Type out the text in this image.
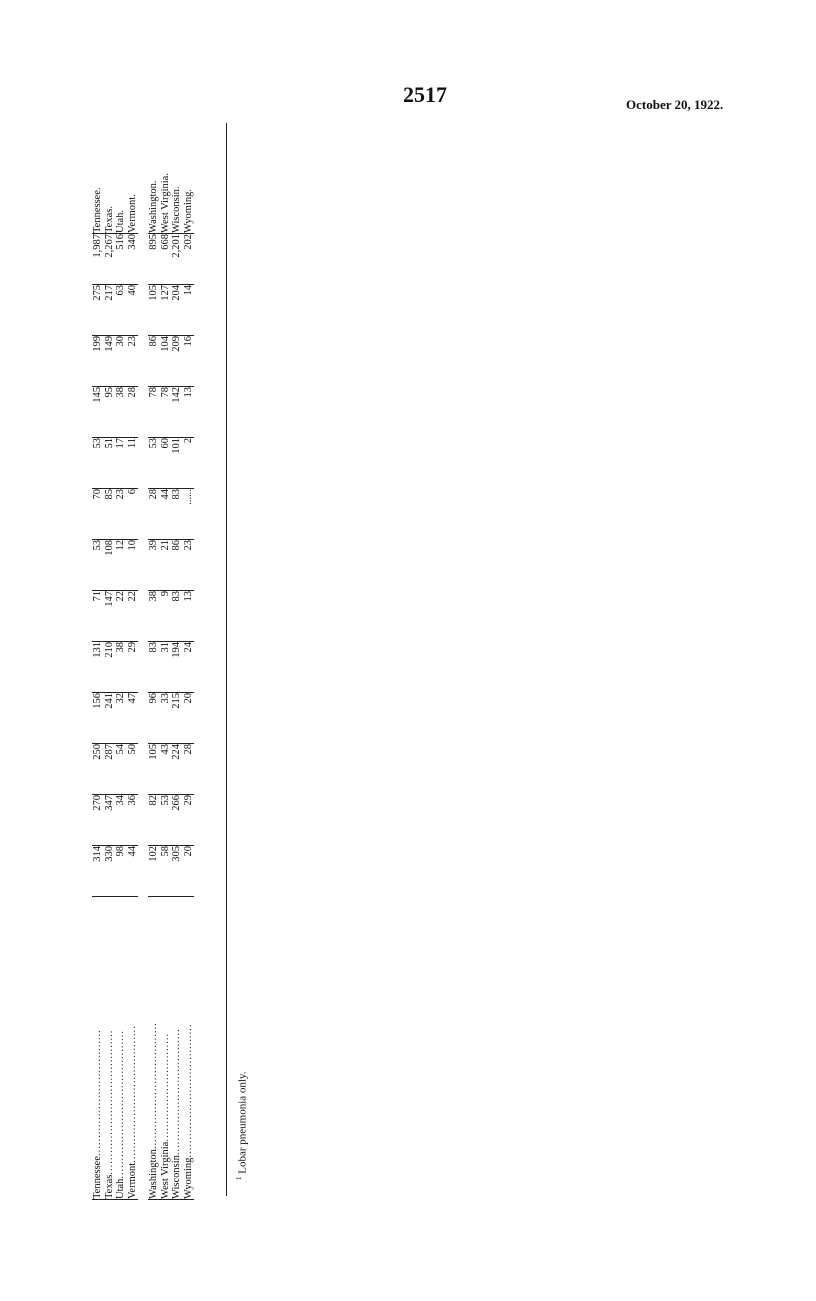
2517	October 20, 1922.
Tennessee...................................	314	270	250	156	131	71	53	70	53	145	199	275	1,987	Tennessee.
Texas........................................	330	347	287	241	210	147	108	85	51	95	149	217	2,267	Texas.
Utah.........................................	98	34	54	32	38	22	12	23	17	38	30	63	516	Utah.
Vermont......................................	44	36	50	47	29	22	10	6	11	28	23	40	340	Vermont.

Washington...................................	102	82	105	96	83	38	39	28	53	78	86	105	895	Washington.
West Virginia..............................	58	53	43	33	31	9	21	44	60	78	104	127	668	West Virginia.
Wisconsin...................................	305	266	224	215	194	83	86	83	101	142	209	204	2,201	Wisconsin.
Wyoming.....................................	20	29	28	20	24	13	23	......	2	13	16	14	202	Wyoming.
$^1$ Lobar pneumonia only.
